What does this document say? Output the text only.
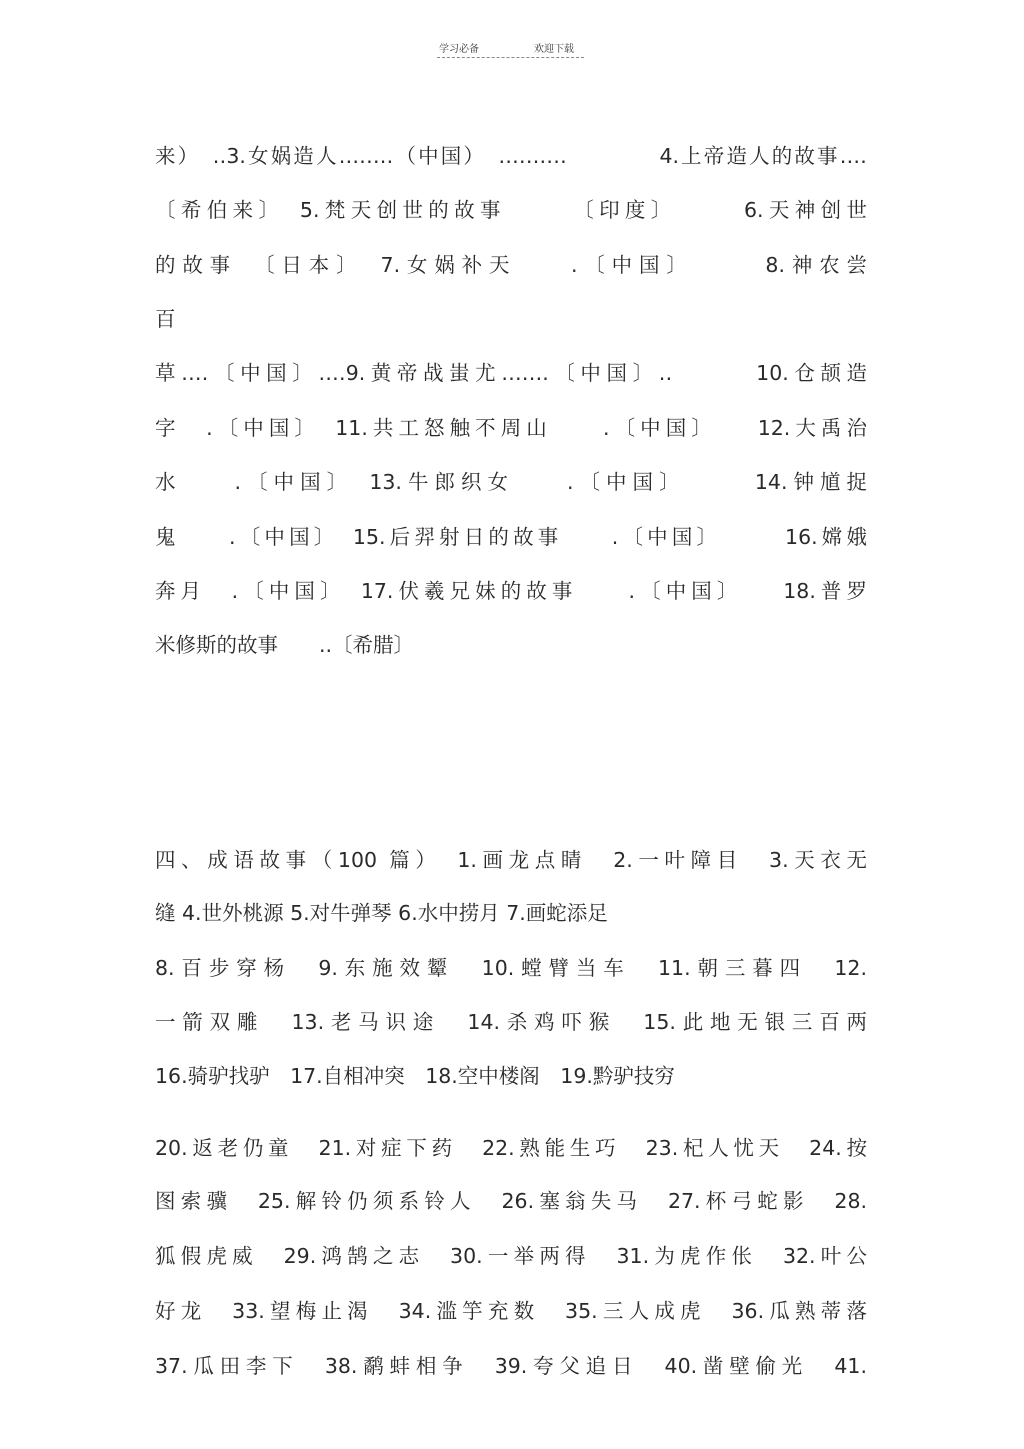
学习必备	欢迎下载
来）　‥3.女娲造人‥‥‥‥（中国）　‥‥‥‥‥　　　　4.上帝造人的故事‥‥
〔希伯来〕　5.梵天创世的故事　　　〔印度〕　　　6.天神创世
的故事　〔日本〕　7.女娲补天　　.〔中国〕　　　8.神农尝
百
草‥‥〔中国〕‥‥9.黄帝战蚩尤‥‥‥.〔中国〕‥　　　10.仓颉造
字　.〔中国〕　11.共工怒触不周山　　.〔中国〕　　12.大禹治
水　　.〔中国〕　13.牛郎织女　　.〔中国〕　　　14.钟馗捉
鬼　　.〔中国〕　15.后羿射日的故事　　.〔中国〕　　　16.嫦娥
奔月　.〔中国〕　17.伏羲兄妹的故事　　.〔中国〕　　18.普罗
米修斯的故事　　..〔希腊〕
四、成语故事（100 篇）　1.画龙点睛　2.一叶障目　3.天衣无
缝 4.世外桃源 5.对牛弹琴 6.水中捞月 7.画蛇添足
8.百步穿杨　9.东施效颦　10.螳臂当车　11.朝三暮四　12.
一箭双雕　13.老马识途　14.杀鸡吓猴　15.此地无银三百两
16.骑驴找驴　17.自相冲突　18.空中楼阁　19.黔驴技穷
20.返老仍童　21.对症下药　22.熟能生巧　23.杞人忧天　24.按
图索骥　25.解铃仍须系铃人　26.塞翁失马　27.杯弓蛇影　28.
狐假虎威　29.鸿鹄之志　30.一举两得　31.为虎作伥　32.叶公
好龙　33.望梅止渴　34.滥竽充数　35.三人成虎　36.瓜熟蒂落
37.瓜田李下　38.鹬蚌相争　39.夸父追日　40.凿壁偷光　41.
